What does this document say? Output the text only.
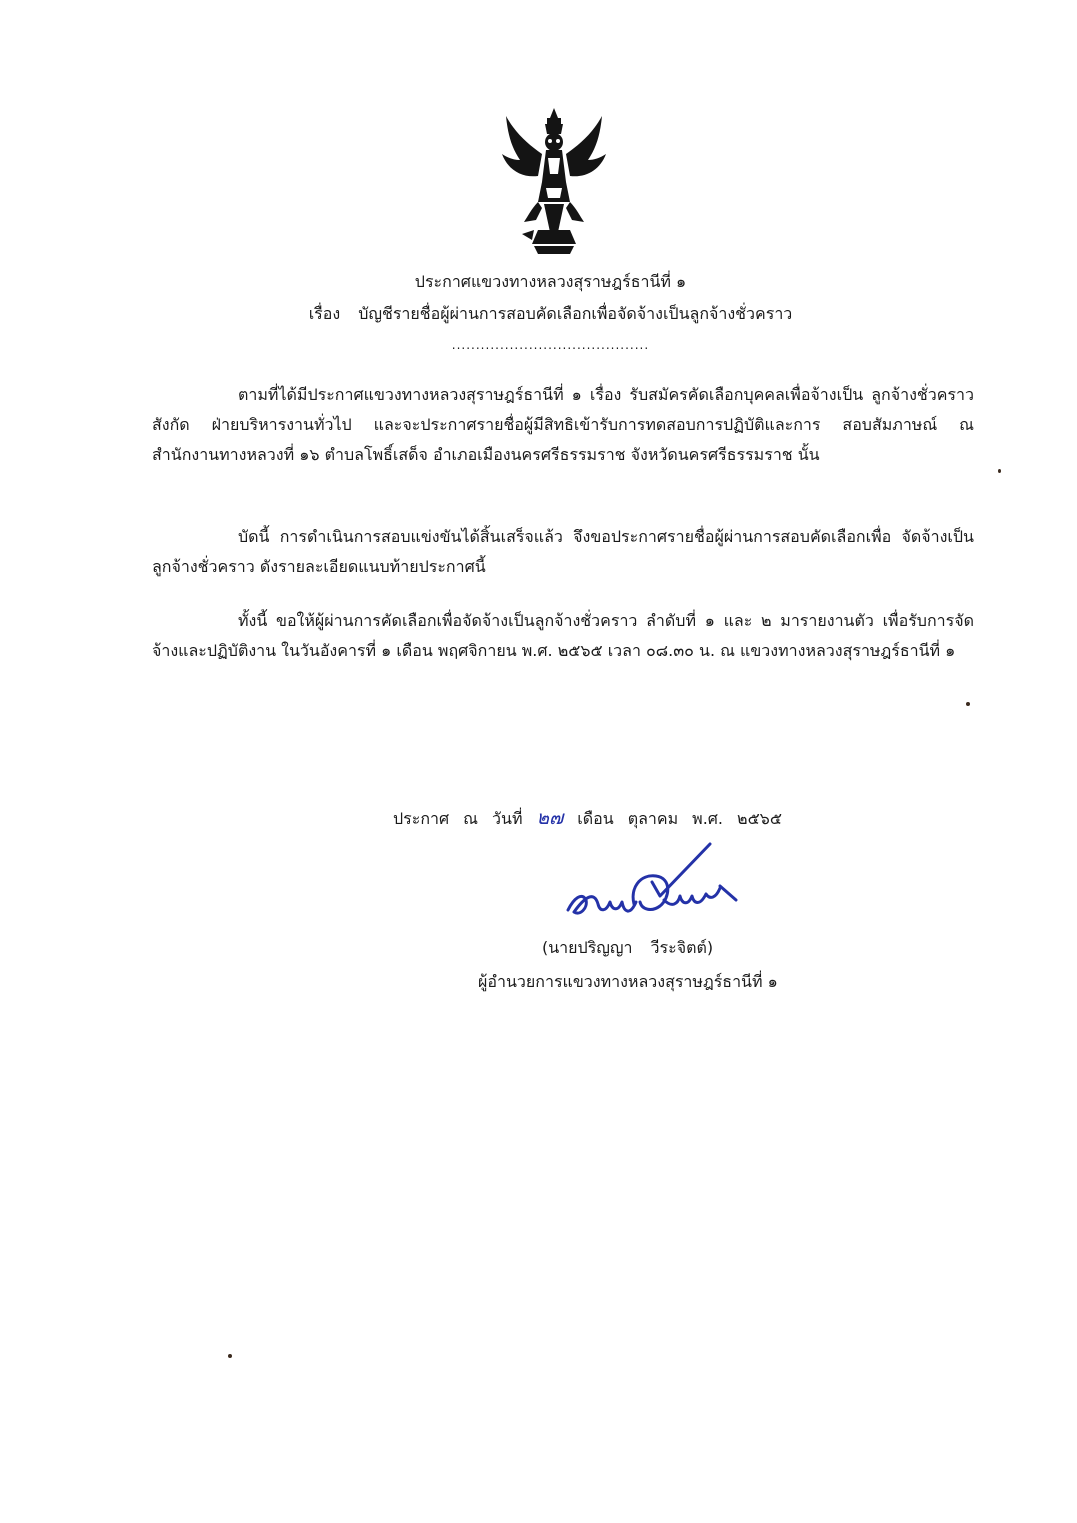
ประกาศแขวงทางหลวงสุราษฎร์ธานีที่ ๑
เรื่อง บัญชีรายชื่อผู้ผ่านการสอบคัดเลือกเพื่อจัดจ้างเป็นลูกจ้างชั่วคราว
.........................................
ตามที่ได้มีประกาศแขวงทางหลวงสุราษฎร์ธานีที่ ๑ เรื่อง รับสมัครคัดเลือกบุคคลเพื่อจ้างเป็น ลูกจ้างชั่วคราว สังกัด ฝ่ายบริหารงานทั่วไป และจะประกาศรายชื่อผู้มีสิทธิเข้ารับการทดสอบการปฏิบัติและการ สอบสัมภาษณ์ ณ สำนักงานทางหลวงที่ ๑๖ ตำบลโพธิ์เสด็จ อำเภอเมืองนครศรีธรรมราช จังหวัดนครศรีธรรมราช นั้น
บัดนี้ การดำเนินการสอบแข่งขันได้สิ้นเสร็จแล้ว จึงขอประกาศรายชื่อผู้ผ่านการสอบคัดเลือกเพื่อ จัดจ้างเป็นลูกจ้างชั่วคราว ดังรายละเอียดแนบท้ายประกาศนี้
ทั้งนี้ ขอให้ผู้ผ่านการคัดเลือกเพื่อจัดจ้างเป็นลูกจ้างชั่วคราว ลำดับที่ ๑ และ ๒ มารายงานตัว เพื่อรับการจัดจ้างและปฏิบัติงาน ในวันอังคารที่ ๑ เดือน พฤศจิกายน พ.ศ. ๒๕๖๕ เวลา ๐๘.๓๐ น. ณ แขวงทางหลวงสุราษฎร์ธานีที่ ๑
ประกาศ ณ วันที่ ๒๗ เดือน ตุลาคม พ.ศ. ๒๕๖๕
(นายปริญญา วีระจิตต์)
ผู้อำนวยการแขวงทางหลวงสุราษฎร์ธานีที่ ๑
